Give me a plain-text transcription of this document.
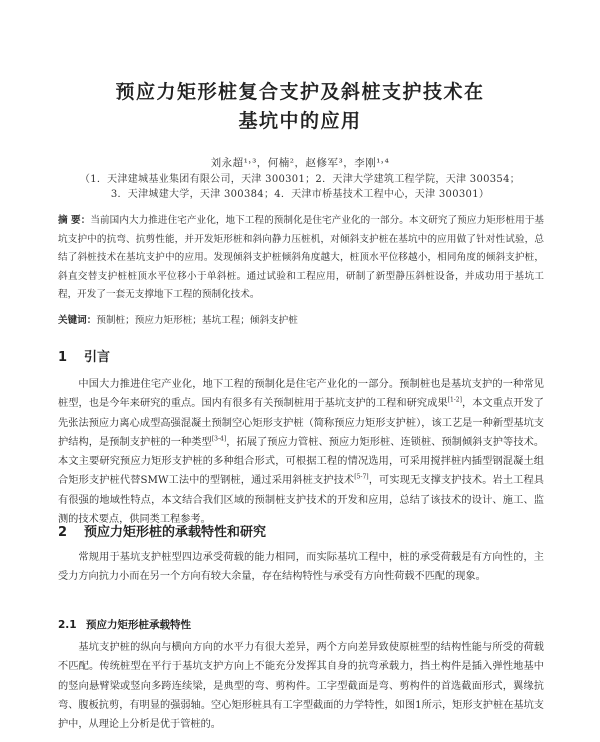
预应力矩形桩复合支护及斜桩支护技术在
基坑中的应用
刘永超¹˒³，何楠²，赵修军³，李刚¹˒⁴
（1．天津建城基业集团有限公司，天津 300301；2．天津大学建筑工程学院，天津 300354；
3．天津城建大学，天津 300384；4．天津市桥基技术工程中心，天津 300301）
摘 要：当前国内大力推进住宅产业化，地下工程的预制化是住宅产业化的一部分。本文研究了预应力矩形桩用于基坑支护中的抗弯、抗剪性能，并开发矩形桩和斜向静力压桩机，对倾斜支护桩在基坑中的应用做了针对性试验，总结了斜桩技术在基坑支护中的应用。发现倾斜支护桩倾斜角度越大，桩顶水平位移越小，相同角度的倾斜支护桩，斜直交替支护桩桩顶水平位移小于单斜桩。通过试验和工程应用，研制了新型静压斜桩设备，并成功用于基坑工程，开发了一套无支撑地下工程的预制化技术。
关键词：预制桩；预应力矩形桩；基坑工程；倾斜支护桩
1 引言
中国大力推进住宅产业化，地下工程的预制化是住宅产业化的一部分。预制桩也是基坑支护的一种常见桩型，也是今年来研究的重点。国内有很多有关预制桩用于基坑支护的工程和研究成果[1-2]，本文重点开发了先张法预应力离心成型高强混凝土预制空心矩形支护桩（简称预应力矩形支护桩），该工艺是一种新型基坑支护结构，是预制支护桩的一种类型[3-4]，拓展了预应力管桩、预应力矩形桩、连锁桩、预制倾斜支护等技术。本文主要研究预应力矩形支护桩的多种组合形式，可根据工程的情况选用，可采用搅拌桩内插型钢混凝土组合矩形支护桩代替SMW工法中的型钢桩，通过采用斜桩支护技术[5-7]，可实现无支撑支护技术。岩土工程具有很强的地域性特点，本文结合我们区域的预制桩支护技术的开发和应用，总结了该技术的设计、施工、监测的技术要点，供同类工程参考。
2 预应力矩形桩的承载特性和研究
常规用于基坑支护桩型四边承受荷载的能力相同，而实际基坑工程中，桩的承受荷载是有方向性的，主受力方向抗力小而在另一个方向有较大余量，存在结构特性与承受有方向性荷载不匹配的现象。
2.1 预应力矩形桩承载特性
基坑支护桩的纵向与横向方向的水平力有很大差异，两个方向差异致使原桩型的结构性能与所受的荷载不匹配。传统桩型在平行于基坑支护方向上不能充分发挥其自身的抗弯承载力，挡土构件是插入弹性地基中的竖向悬臂梁或竖向多跨连续梁，是典型的弯、剪构件。工字型截面是弯、剪构件的首选截面形式，翼缘抗弯、腹板抗剪，有明显的强弱轴。空心矩形桩具有工字型截面的力学特性，如图1所示，矩形支护桩在基坑支护中，从理论上分析是优于管桩的。
